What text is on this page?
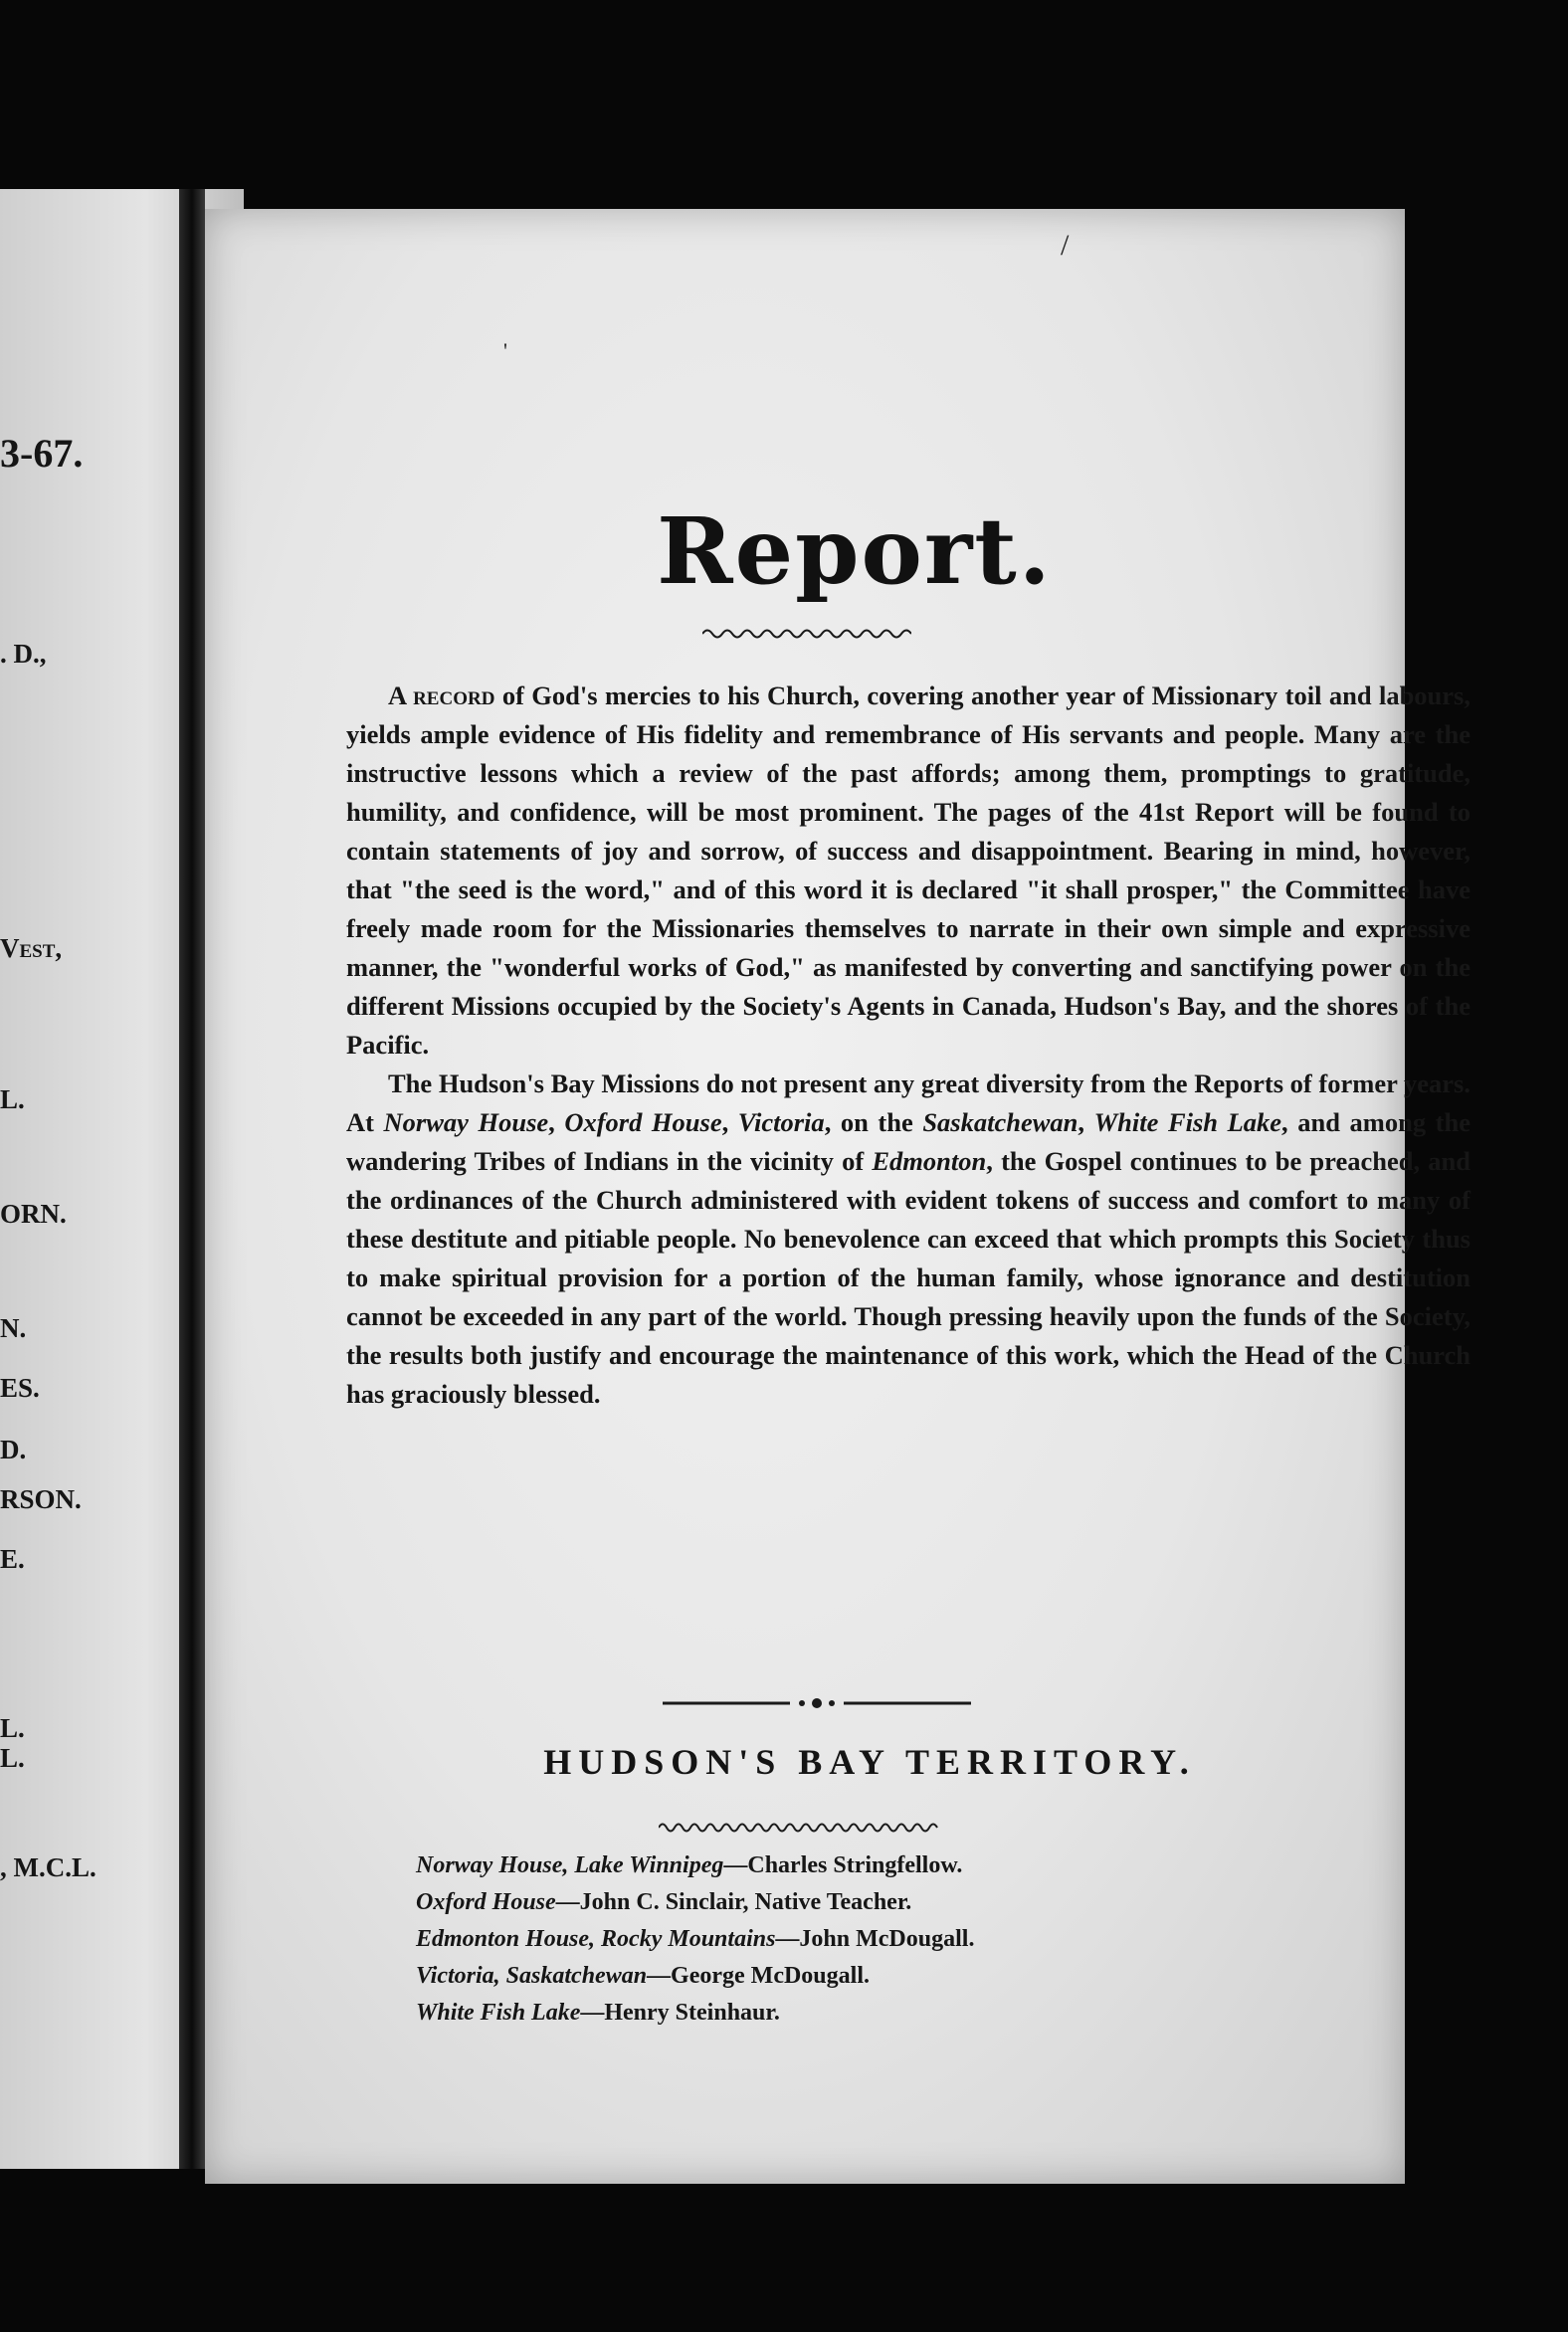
3-67.
. D.,
Vest,
L.
ORN.
N.
ES.
D.
RSON.
E.
L.
L.
, M.C.L.
/
'
Report.

A record of God's mercies to his Church, covering another year of Missionary toil and labours, yields ample evidence of His fidelity and remembrance of His servants and people. Many are the instructive lessons which a review of the past affords; among them, promptings to gratitude, humility, and confidence, will be most prominent. The pages of the 41st Report will be found to contain statements of joy and sorrow, of success and disappointment. Bearing in mind, however, that "the seed is the word," and of this word it is declared "it shall prosper," the Committee have freely made room for the Missionaries themselves to narrate in their own simple and expressive manner, the "wonderful works of God," as manifested by converting and sanctifying power on the different Missions occupied by the Society's Agents in Canada, Hudson's Bay, and the shores of the Pacific.

The Hudson's Bay Missions do not present any great diversity from the Reports of former years. At Norway House, Oxford House, Victoria, on the Saskatchewan, White Fish Lake, and among the wandering Tribes of Indians in the vicinity of Edmonton, the Gospel continues to be preached, and the ordinances of the Church administered with evident tokens of success and comfort to many of these destitute and pitiable people. No benevolence can exceed that which prompts this Society thus to make spiritual provision for a portion of the human family, whose ignorance and destitution cannot be exceeded in any part of the world. Though pressing heavily upon the funds of the Society, the results both justify and encourage the maintenance of this work, which the Head of the Church has graciously blessed.

HUDSON'S BAY TERRITORY.
Norway House, Lake Winnipeg—Charles Stringfellow.
Oxford House—John C. Sinclair, Native Teacher.
Edmonton House, Rocky Mountains—John McDougall.
Victoria, Saskatchewan—George McDougall.
White Fish Lake—Henry Steinhaur.
